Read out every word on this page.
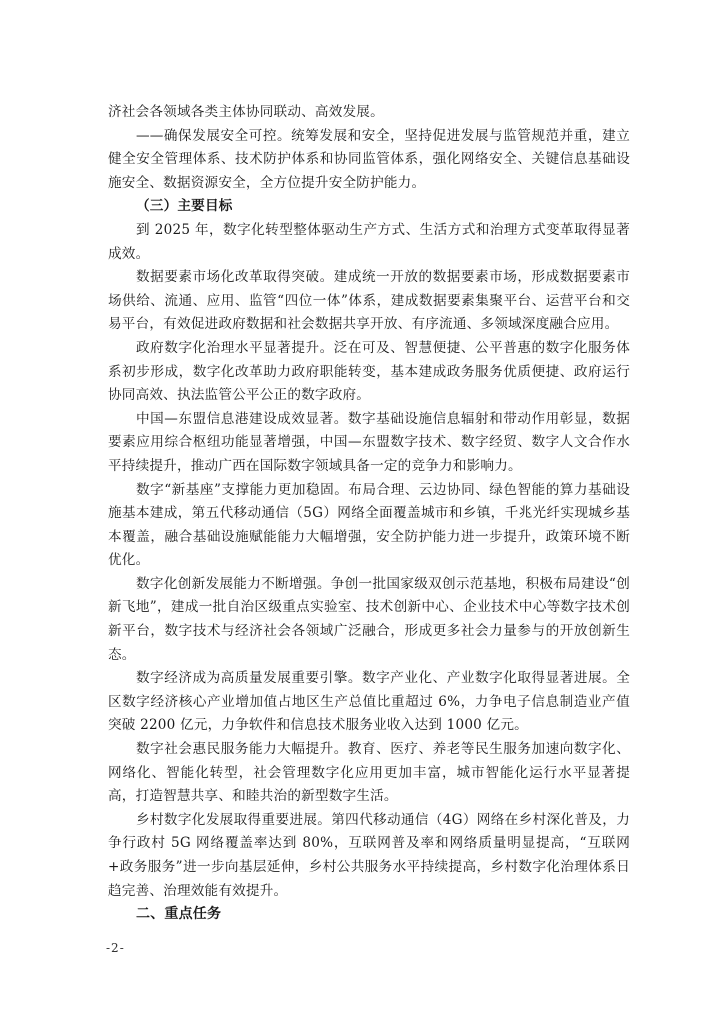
济社会各领域各类主体协同联动、高效发展。

——确保发展安全可控。统筹发展和安全，坚持促进发展与监管规范并重，建立健全安全管理体系、技术防护体系和协同监管体系，强化网络安全、关键信息基础设施安全、数据资源安全，全方位提升安全防护能力。

（三）主要目标

到 2025 年，数字化转型整体驱动生产方式、生活方式和治理方式变革取得显著成效。

数据要素市场化改革取得突破。建成统一开放的数据要素市场，形成数据要素市场供给、流通、应用、监管“四位一体”体系，建成数据要素集聚平台、运营平台和交易平台，有效促进政府数据和社会数据共享开放、有序流通、多领域深度融合应用。

政府数字化治理水平显著提升。泛在可及、智慧便捷、公平普惠的数字化服务体系初步形成，数字化改革助力政府职能转变，基本建成政务服务优质便捷、政府运行协同高效、执法监管公平公正的数字政府。

中国—东盟信息港建设成效显著。数字基础设施信息辐射和带动作用彰显，数据要素应用综合枢纽功能显著增强，中国—东盟数字技术、数字经贸、数字人文合作水平持续提升，推动广西在国际数字领域具备一定的竞争力和影响力。

数字“新基座”支撑能力更加稳固。布局合理、云边协同、绿色智能的算力基础设施基本建成，第五代移动通信（5G）网络全面覆盖城市和乡镇，千兆光纤实现城乡基本覆盖，融合基础设施赋能能力大幅增强，安全防护能力进一步提升，政策环境不断优化。

数字化创新发展能力不断增强。争创一批国家级双创示范基地，积极布局建设“创新飞地”，建成一批自治区级重点实验室、技术创新中心、企业技术中心等数字技术创新平台，数字技术与经济社会各领域广泛融合，形成更多社会力量参与的开放创新生态。

数字经济成为高质量发展重要引擎。数字产业化、产业数字化取得显著进展。全区数字经济核心产业增加值占地区生产总值比重超过 6%，力争电子信息制造业产值突破 2200 亿元，力争软件和信息技术服务业收入达到 1000 亿元。

数字社会惠民服务能力大幅提升。教育、医疗、养老等民生服务加速向数字化、网络化、智能化转型，社会管理数字化应用更加丰富，城市智能化运行水平显著提高，打造智慧共享、和睦共治的新型数字生活。

乡村数字化发展取得重要进展。第四代移动通信（4G）网络在乡村深化普及，力争行政村 5G 网络覆盖率达到 80%，互联网普及率和网络质量明显提高，“互联网+政务服务”进一步向基层延伸，乡村公共服务水平持续提高，乡村数字化治理体系日趋完善、治理效能有效提升。

二、重点任务

-2-
